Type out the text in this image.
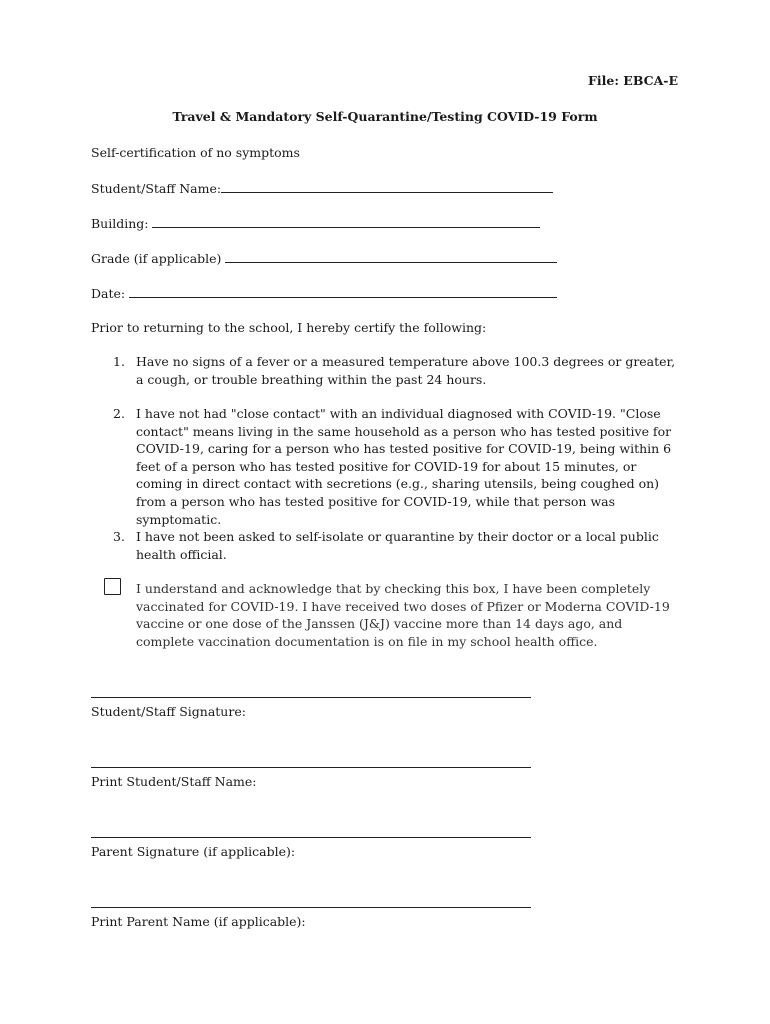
File: EBCA-E
Travel & Mandatory Self-Quarantine/Testing COVID-19 Form
Self-certification of no symptoms
Student/Staff Name:
Building:
Grade (if applicable)
Date:
Prior to returning to the school, I hereby certify the following:
1. Have no signs of a fever or a measured temperature above 100.3 degrees or greater, a cough, or trouble breathing within the past 24 hours.
2. I have not had "close contact" with an individual diagnosed with COVID-19. "Close contact" means living in the same household as a person who has tested positive for COVID-19, caring for a person who has tested positive for COVID-19, being within 6 feet of a person who has tested positive for COVID-19 for about 15 minutes, or coming in direct contact with secretions (e.g., sharing utensils, being coughed on) from a person who has tested positive for COVID-19, while that person was symptomatic.
3. I have not been asked to self-isolate or quarantine by their doctor or a local public health official.
I understand and acknowledge that by checking this box, I have been completely vaccinated for COVID-19. I have received two doses of Pfizer or Moderna COVID-19 vaccine or one dose of the Janssen (J&J) vaccine more than 14 days ago, and complete vaccination documentation is on file in my school health office.
Student/Staff Signature:
Print Student/Staff Name:
Parent Signature (if applicable):
Print Parent Name (if applicable):
